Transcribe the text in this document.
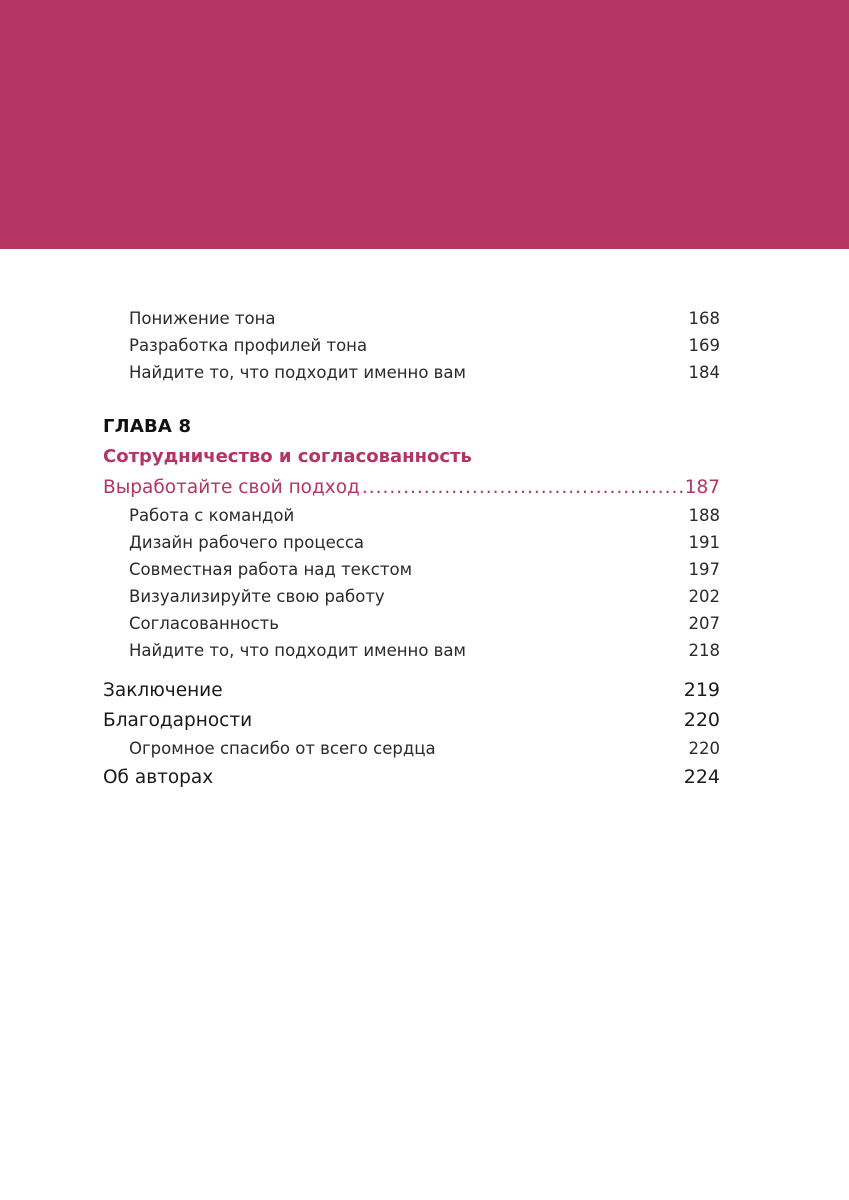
Понижение тона	168
Разработка профилей тона	169
Найдите то, что подходит именно вам	184
ГЛАВА 8
Сотрудничество и согласованность
Выработайте свой подход .....	187
Работа с командой	188
Дизайн рабочего процесса	191
Совместная работа над текстом	197
Визуализируйте свою работу	202
Согласованность	207
Найдите то, что подходит именно вам	218
Заключение	219
Благодарности	220
Огромное спасибо от всего сердца	220
Об авторах	224
